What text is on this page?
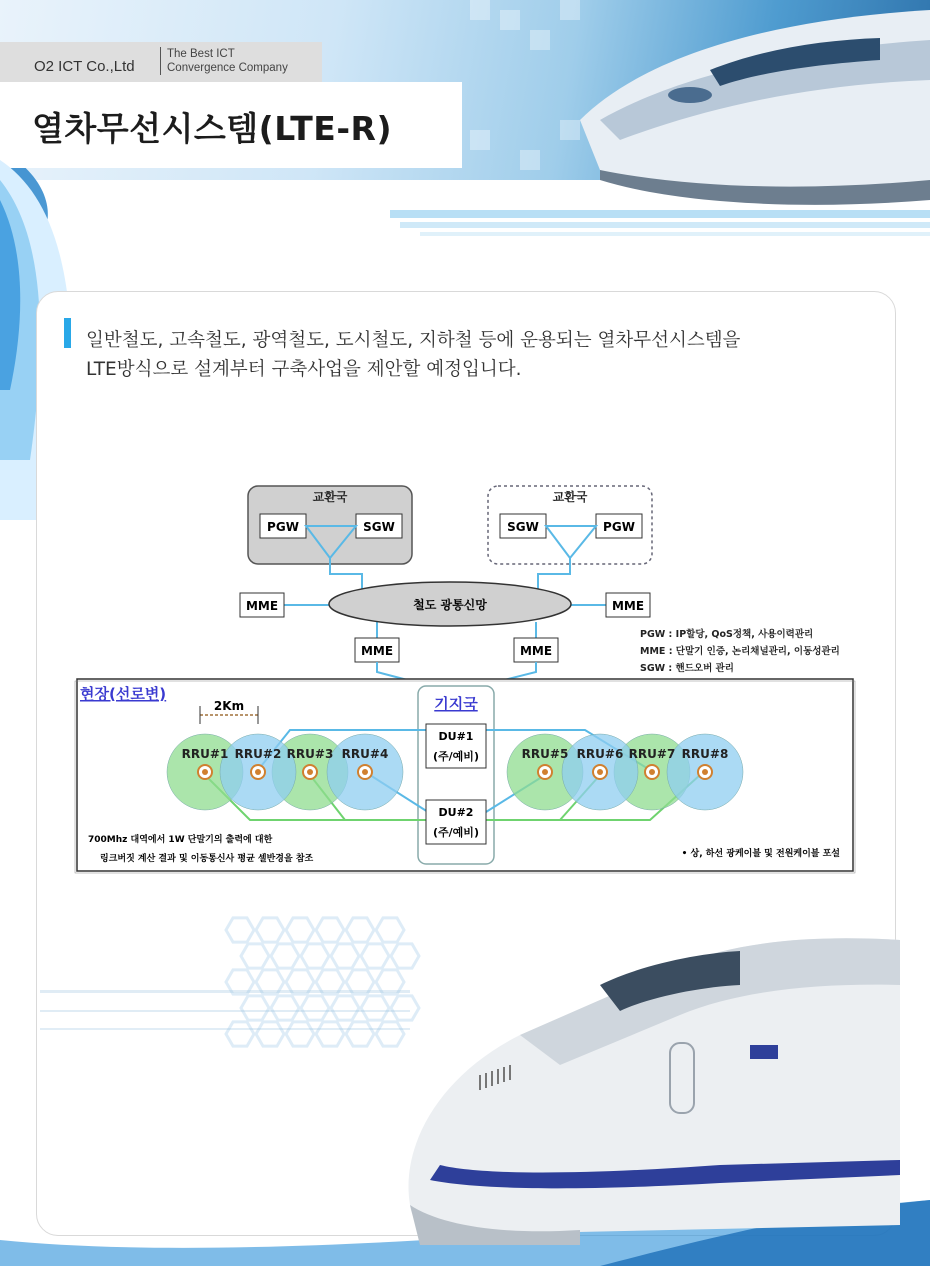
O2 ICT Co.,Ltd
The Best ICT
Convergence Company
열차무선시스템(LTE-R)
일반철도, 고속철도, 광역철도, 도시철도, 지하철 등에 운용되는 열차무선시스템을
LTE방식으로 설계부터 구축사업을 제안할 예정입니다.
교환국
PGW	SGW
교환국
SGW	PGW
철도 광통신망
MME	MME
MME	MME
PGW : IP할당, QoS정책, 사용이력관리
MME : 단말기 인증, 논리채널관리, 이동성관리
SGW : 핸드오버 관리
현장(선로변)
기지국
2Km
RRU#1 RRU#2 RRU#3 RRU#4	RRU#5 RRU#6 RRU#7 RRU#8
DU#1
(주/예비)
DU#2
(주/예비)
700Mhz 대역에서 1W 단말기의 출력에 대한
링크버짓 계산 결과 및 이동통신사 평균 셀반경을 참조	• 상, 하선 광케이블 및 전원케이블 포설
